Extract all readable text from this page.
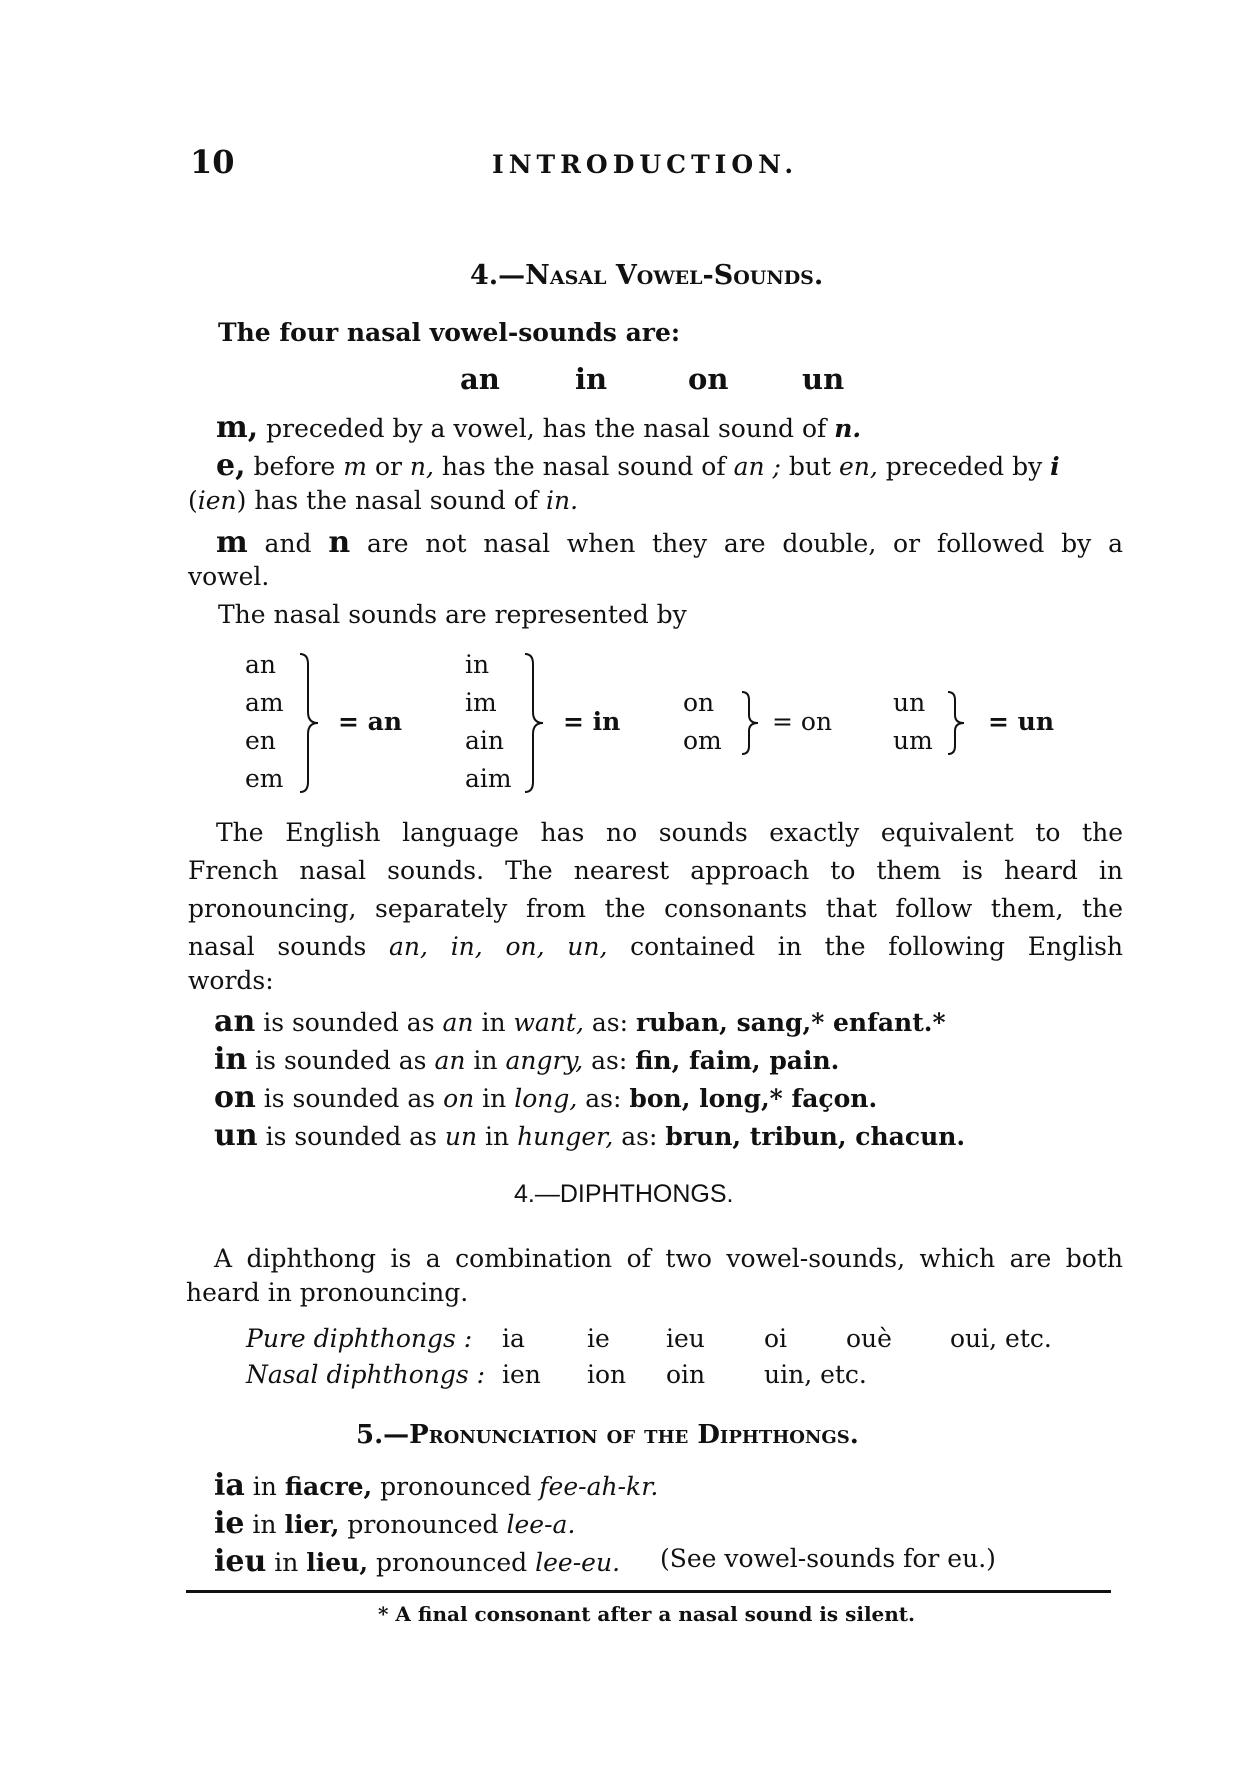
10	INTRODUCTION.
4.—Nasal Vowel-Sounds.
The four nasal vowel-sounds are:
an	in	on	un
m, preceded by a vowel, has the nasal sound of n.
e, before m or n, has the nasal sound of an ; but en, preceded by i
(ien) has the nasal sound of in.
m and n are not nasal when they are double, or followed by a
vowel.
The nasal sounds are represented by
an
am
en
em
= an
in
im
ain
aim
= in
on
om
= on
un
um
= un
The English language has no sounds exactly equivalent to the
French nasal sounds. The nearest approach to them is heard in
pronouncing, separately from the consonants that follow them, the
nasal sounds an, in, on, un, contained in the following English
words:
an is sounded as an in want, as: ruban, sang,* enfant.*
in is sounded as an in angry, as: fin, faim, pain.
on is sounded as on in long, as: bon, long,* façon.
un is sounded as un in hunger, as: brun, tribun, chacun.
4.—DIPHTHONGS.
A diphthong is a combination of two vowel-sounds, which are both
heard in pronouncing.
Pure diphthongs : ia ie ieu oi ouè oui, etc.
Nasal diphthongs : ien ion oin uin, etc.
5.—Pronunciation of the Diphthongs.
ia in fiacre, pronounced fee-ah-kr.
ie in lier, pronounced lee-a.
ieu in lieu, pronounced lee-eu. (See vowel-sounds for eu.)
* A final consonant after a nasal sound is silent.
